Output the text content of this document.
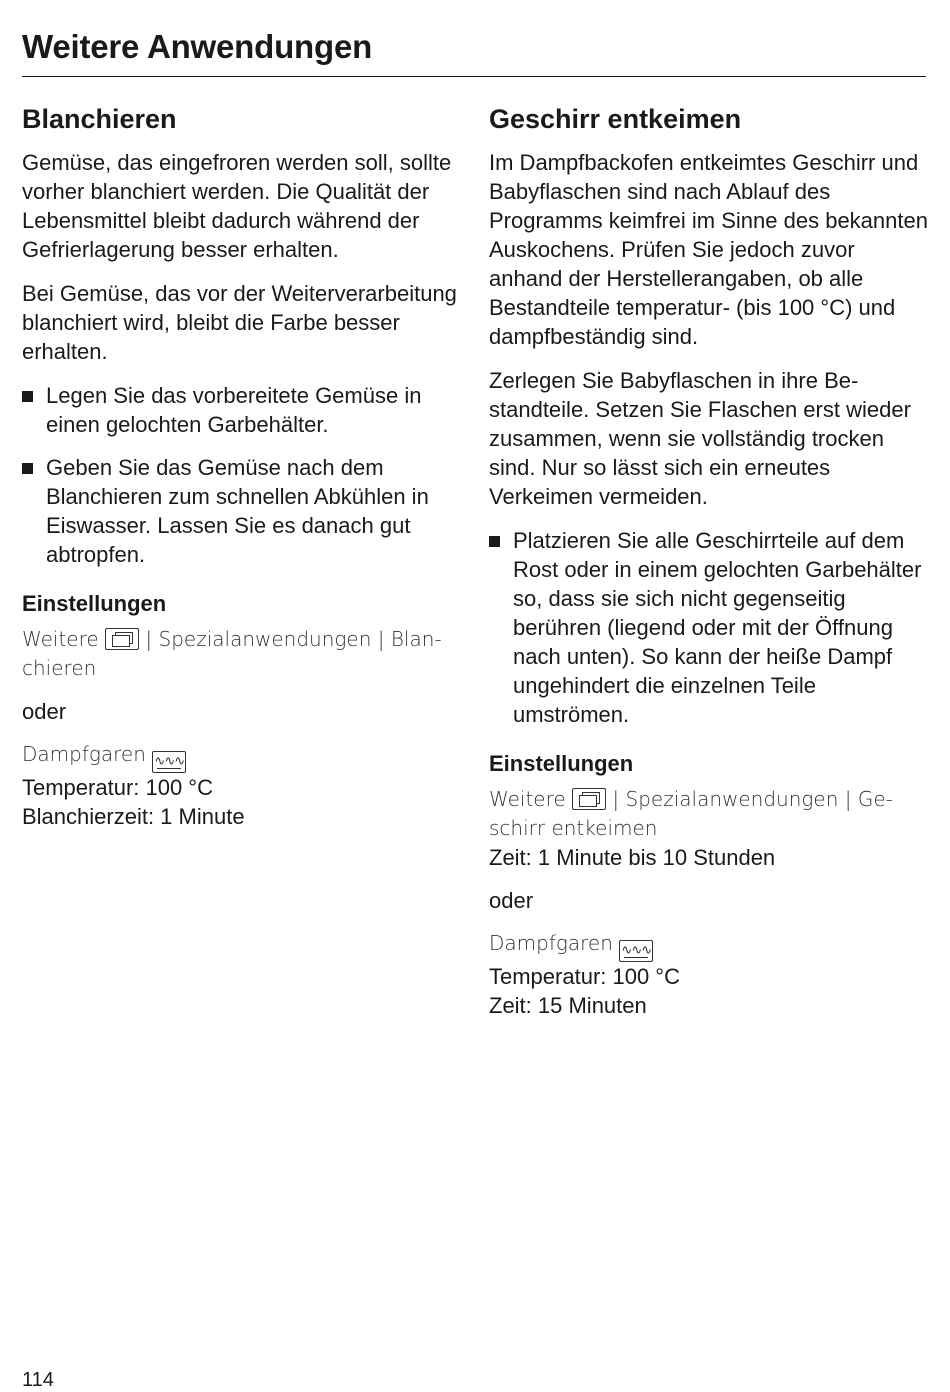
Weitere Anwendungen
Blanchieren

Gemüse, das eingefroren werden soll, sollte vorher blanchiert werden. Die Qualität der Lebensmittel bleibt dadurch während der Gefrierlagerung besser erhalten.

Bei Gemüse, das vor der Weiterverarbeitung blanchiert wird, bleibt die Farbe besser erhalten.

Legen Sie das vorbereitete Gemüse in einen gelochten Garbehälter.
Geben Sie das Gemüse nach dem Blanchieren zum schnellen Abkühlen in Eiswasser. Lassen Sie es danach gut abtropfen.
Einstellungen
Weitere | Spezialanwendungen | Blanchieren
oder
Dampfgaren ∿∿∿
Temperatur: 100 °C
Blanchierzeit: 1 Minute
Geschirr entkeimen

Im Dampfbackofen entkeimtes Geschirr und Babyflaschen sind nach Ablauf des Programms keimfrei im Sinne des bekannten Auskochens. Prüfen Sie jedoch zuvor anhand der Herstellerangaben, ob alle Bestandteile temperatur- (bis 100 °C) und dampfbeständig sind.

Zerlegen Sie Babyflaschen in ihre Bestandteile. Setzen Sie Flaschen erst wieder zusammen, wenn sie vollständig trocken sind. Nur so lässt sich ein erneutes Verkeimen vermeiden.

Platzieren Sie alle Geschirrteile auf dem Rost oder in einem gelochten Garbehälter so, dass sie sich nicht gegenseitig berühren (liegend oder mit der Öffnung nach unten). So kann der heiße Dampf ungehindert die einzelnen Teile umströmen.
Einstellungen
Weitere | Spezialanwendungen | Geschirr entkeimen
Zeit: 1 Minute bis 10 Stunden
oder
Dampfgaren ∿∿∿
Temperatur: 100 °C
Zeit: 15 Minuten
114
